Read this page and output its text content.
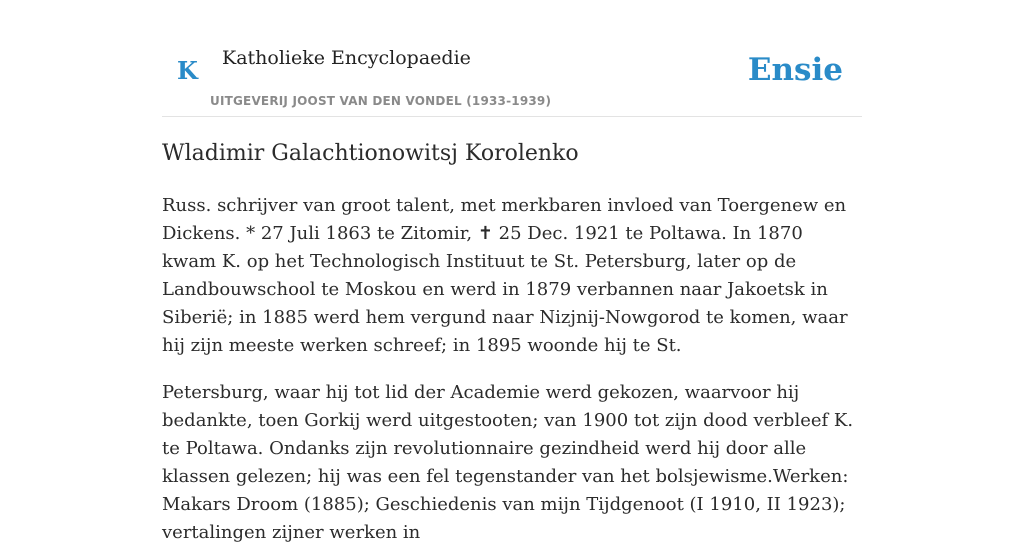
K Katholieke Encyclopaedie
UITGEVERIJ JOOST VAN DEN VONDEL (1933-1939)
Ensie
Wladimir Galachtionowitsj Korolenko

Russ. schrijver van groot talent, met merkbaren invloed van Toergenew en Dickens. * 27 Juli 1863 te Zitomir, ✝ 25 Dec. 1921 te Poltawa. In 1870 kwam K. op het Technologisch Instituut te St. Petersburg, later op de Landbouwschool te Moskou en werd in 1879 verbannen naar Jakoetsk in Siberië; in 1885 werd hem vergund naar Nizjnij-Nowgorod te komen, waar hij zijn meeste werken schreef; in 1895 woonde hij te St.

Petersburg, waar hij tot lid der Academie werd gekozen, waarvoor hij bedankte, toen Gorkij werd uitgestooten; van 1900 tot zijn dood verbleef K. te Poltawa. Ondanks zijn revolutionnaire gezindheid werd hij door alle klassen gelezen; hij was een fel tegenstander van het bolsjewisme.Werken: Makars Droom (1885); Geschiedenis van mijn Tijdgenoot (I 1910, II 1923); vertalingen zijner werken in
